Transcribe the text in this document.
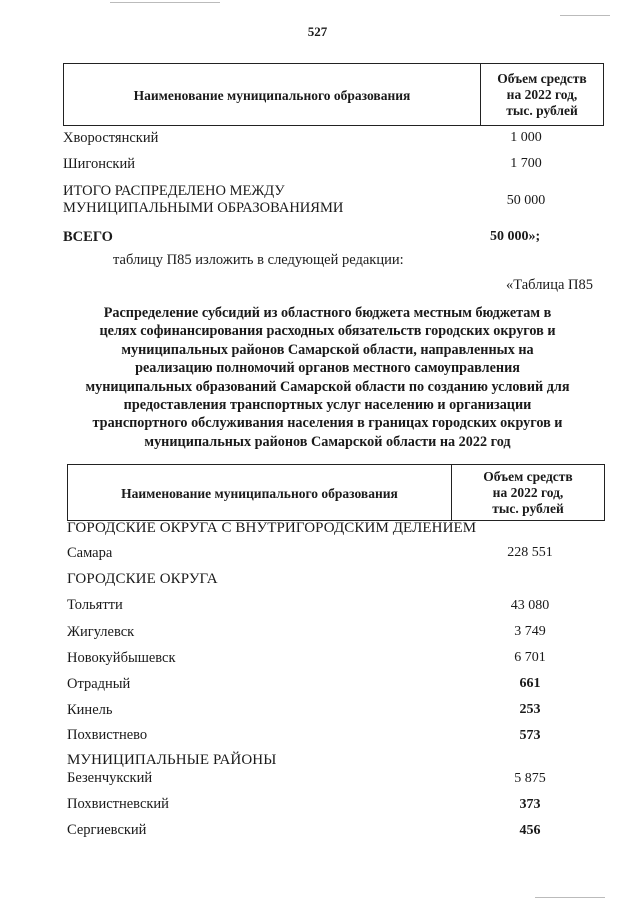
527
Наименование муниципального образования
Объем средств
на 2022 год,
тыс. рублей
Хворостянский	1 000
Шигонский	1 700
ИТОГО РАСПРЕДЕЛЕНО МЕЖДУ
МУНИЦИПАЛЬНЫМИ ОБРАЗОВАНИЯМИ	50 000
ВСЕГО	50 000»;
таблицу П85 изложить в следующей редакции:
«Таблица П85
Распределение субсидий из областного бюджета местным бюджетам в
целях софинансирования расходных обязательств городских округов и
муниципальных районов Самарской области, направленных на
реализацию полномочий органов местного самоуправления
муниципальных образований Самарской области по созданию условий для
предоставления транспортных услуг населению и организации
транспортного обслуживания населения в границах городских округов и
муниципальных районов Самарской области на 2022 год
Наименование муниципального образования
Объем средств
на 2022 год,
тыс. рублей
ГОРОДСКИЕ ОКРУГА С ВНУТРИГОРОДСКИМ ДЕЛЕНИЕМ
Самара	228 551
ГОРОДСКИЕ ОКРУГА
Тольятти	43 080
Жигулевск	3 749
Новокуйбышевск	6 701
Отрадный	661
Кинель	253
Похвистнево	573
МУНИЦИПАЛЬНЫЕ РАЙОНЫ
Безенчукский	5 875
Похвистневский	373
Сергиевский	456
